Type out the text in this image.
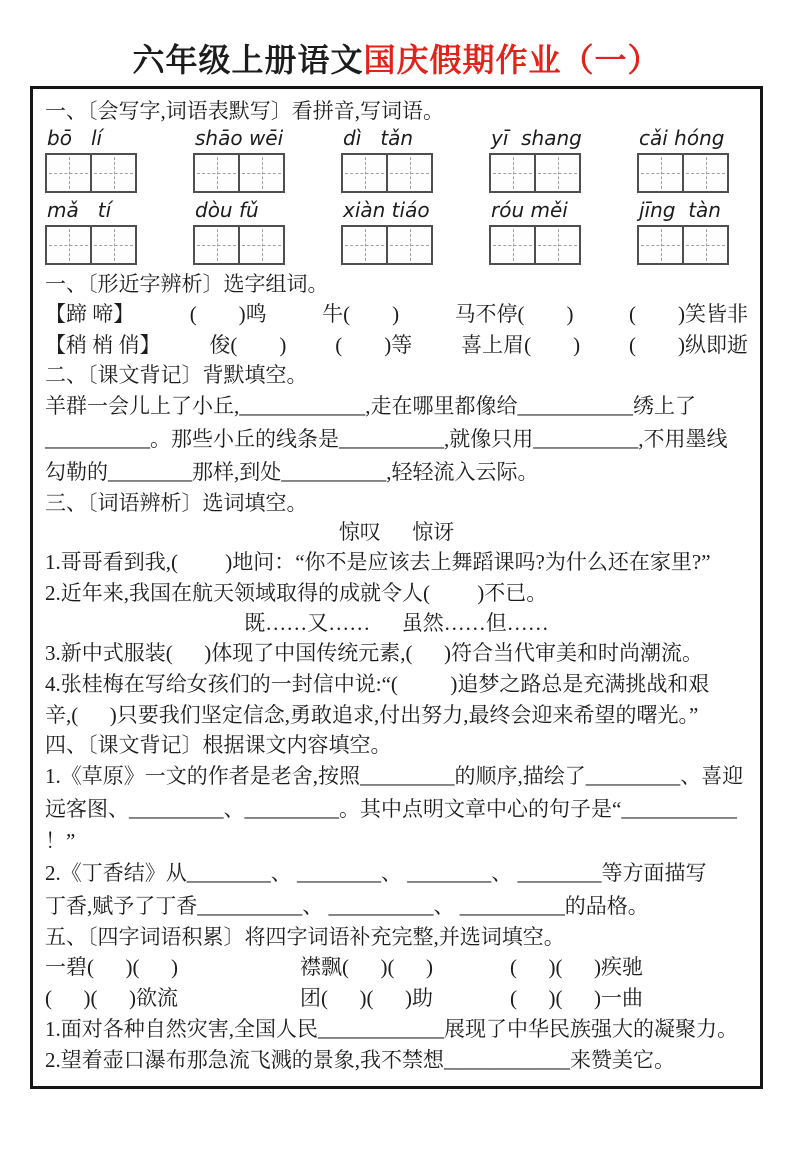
六年级上册语文国庆假期作业（一）
一、〔会写字,词语表默写〕看拼音,写词语。
bō   lí	shāo wēi	dì   tǎn	yī  shang	cǎi hóng
mǎ   tí	dòu fǔ	xiàn tiáo	róu měi	jīng  tàn
一、〔形近字辨析〕选字组词。
【蹄 啼】	(        )鸣	牛(        )	马不停(        )	(        )笑皆非
【稍 梢 俏】 俊(        ) (        )等 喜上眉(        ) (        )纵即逝
二、〔课文背记〕背默填空。
羊群一会儿上了小丘,____________,走在哪里都像给___________绣上了
__________。那些小丘的线条是__________,就像只用__________,不用墨线
勾勒的________那样,到处__________,轻轻流入云际。
三、〔词语辨析〕选词填空。
惊叹      惊讶
1.哥哥看到我,(         )地问：“你不是应该去上舞蹈课吗?为什么还在家里?”
2.近年来,我国在航天领域取得的成就令人(         )不已。
既……又……      虽然……但……
3.新中式服装(      )体现了中国传统元素,(      )符合当代审美和时尚潮流。
4.张桂梅在写给女孩们的一封信中说:“(          )追梦之路总是充满挑战和艰
辛,(      )只要我们坚定信念,勇敢追求,付出努力,最终会迎来希望的曙光。”
四、〔课文背记〕根据课文内容填空。
1.《草原》一文的作者是老舍,按照_________的顺序,描绘了_________、喜迎
远客图、_________、_________。其中点明文章中心的句子是“___________
！”
2.《丁香结》从________、 ________、 ________、 ________等方面描写
丁香,赋予了丁香__________、 __________、 __________的品格。
五、〔四字词语积累〕将四字词语补充完整,并选词填空。
一碧(      )(      )	襟飘(      )(      )	(      )(      )疾驰
(      )(      )欲流	团(      )(      )助	(      )(      )一曲
1.面对各种自然灾害,全国人民____________展现了中华民族强大的凝聚力。
2.望着壶口瀑布那急流飞溅的景象,我不禁想____________来赞美它。
